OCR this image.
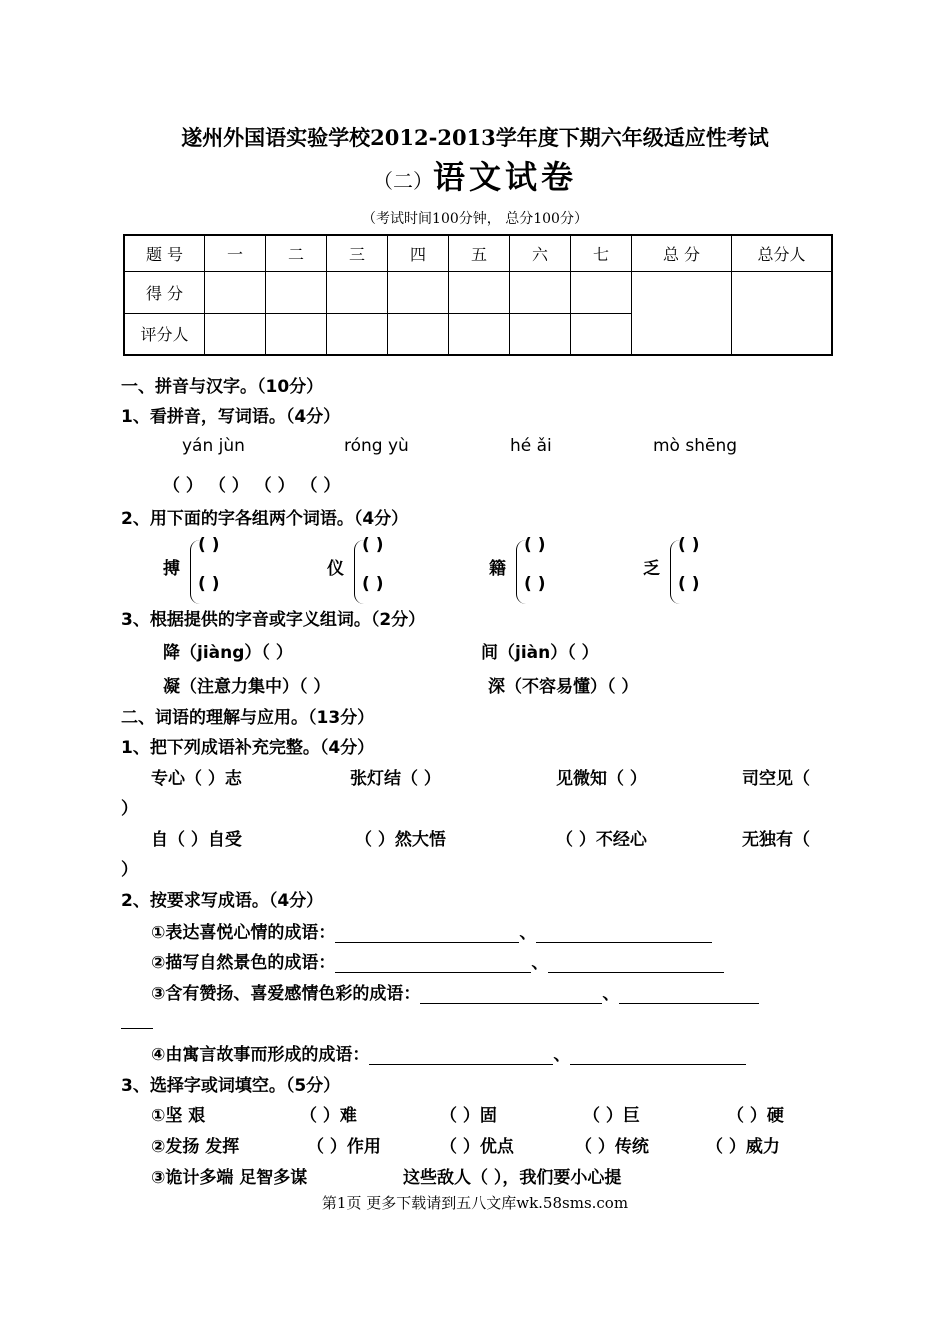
遂州外国语实验学校2012-2013学年度下期六年级适应性考试
（二）语文试卷
（考试时间100分钟， 总分100分）
题 号	一	二	三	四	五	六	七	总 分	总分人
得 分									
评分人									
一、拼音与汉字。（10分）
1、看拼音，写词语。（4分）
yán jùn	róng yù	hé ǎi	mò shēng
（ ） （ ） （ ） （ ）
2、用下面的字各组两个词语。（4分）
搏
( )
( )
仪
( )
( )
籍
( )
( )
乏
( )
( )
3、根据提供的字音或字义组词。（2分）
降（jiàng）（ ）	间（jiàn）（ ）
凝（注意力集中）（ ）	深（不容易懂）（ ）
二、词语的理解与应用。（13分）
1、把下列成语补充完整。（4分）
专心（ ）志	张灯结（ ）	见微知（ ）	司空见（
）
自（ ）自受	（ ）然大悟	（ ）不经心	无独有（
）
2、按要求写成语。（4分）
①表达喜悦心情的成语：	、
②描写自然景色的成语：	、
③含有赞扬、喜爱感情色彩的成语：	、
④由寓言故事而形成的成语：	、
3、选择字或词填空。（5分）
①坚 艰	（ ）难	（ ）固	（ ）巨	（ ）硬
②发扬 发挥	（ ）作用	（ ）优点	（ ）传统	（ ）威力
③诡计多端 足智多谋	这些敌人（ ），我们要小心提
第1页 更多下载请到五八文库wk.58sms.com
